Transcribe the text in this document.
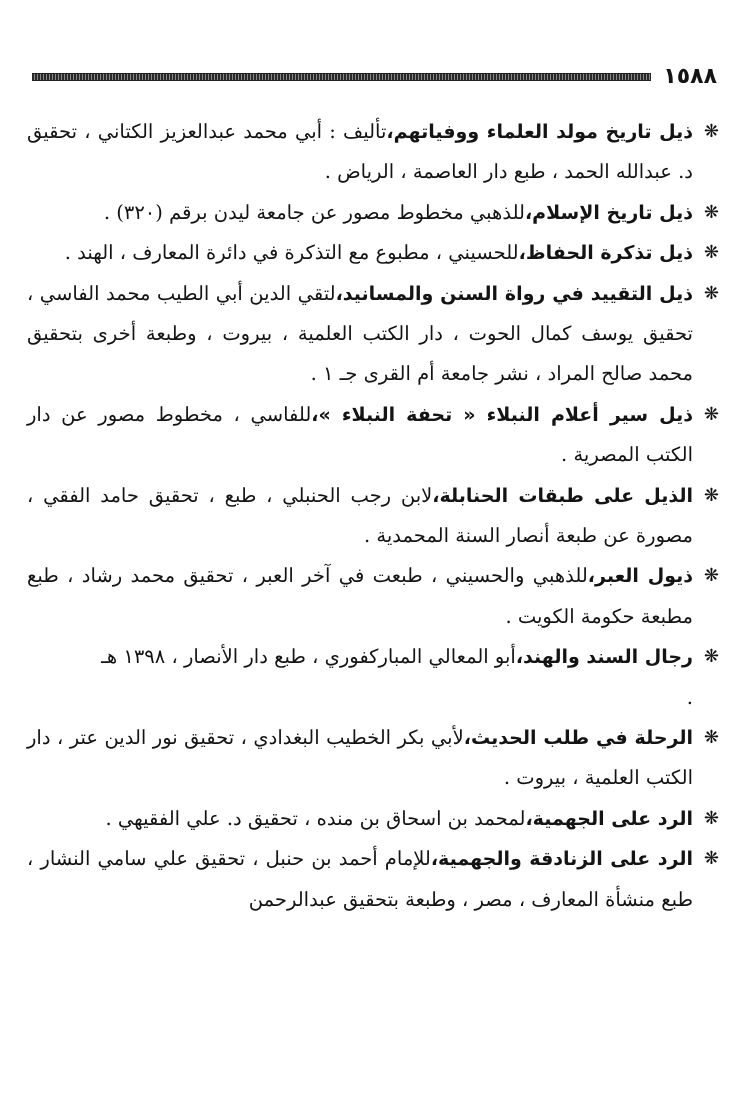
١٥٨٨
❋
ذيل تاريخ مولد العلماء ووفياتهم،تأليف : أبي محمد عبدالعزيز الكتاني ، تحقيق د. عبدالله الحمد ، طبع دار العاصمة ، الرياض .
❋
ذيل تاريخ الإسلام،للذهبي مخطوط مصور عن جامعة ليدن برقم (٣٢٠) .
❋
ذيل تذكرة الحفاظ،للحسيني ، مطبوع مع التذكرة في دائرة المعارف ، الهند .
❋
ذيل التقييد في رواة السنن والمسانيد،لتقي الدين أبي الطيب محمد الفاسي ، تحقيق يوسف كمال الحوت ، دار الكتب العلمية ، بيروت ، وطبعة أخرى بتحقيق محمد صالح المراد ، نشر جامعة أم القرى جـ ١ .
❋
ذيل سير أعلام النبلاء « تحفة النبلاء »،للفاسي ، مخطوط مصور عن دار الكتب المصرية .
❋
الذيل على طبقات الحنابلة،لابن رجب الحنبلي ، طبع ، تحقيق حامد الفقي ، مصورة عن طبعة أنصار السنة المحمدية .
❋
ذيول العبر،للذهبي والحسيني ، طبعت في آخر العبر ، تحقيق محمد رشاد ، طبع مطبعة حكومة الكويت .
❋
رجال السند والهند،أبو المعالي المباركفوري ، طبع دار الأنصار ، ١٣٩٨ هـ
.
❋
الرحلة في طلب الحديث،لأبي بكر الخطيب البغدادي ، تحقيق نور الدين عتر ، دار الكتب العلمية ، بيروت .
❋
الرد على الجهمية،لمحمد بن اسحاق بن منده ، تحقيق د. علي الفقيهي .
❋
الرد على الزنادقة والجهمية،للإمام أحمد بن حنبل ، تحقيق علي سامي النشار ، طبع منشأة المعارف ، مصر ، وطبعة بتحقيق عبدالرحمن
